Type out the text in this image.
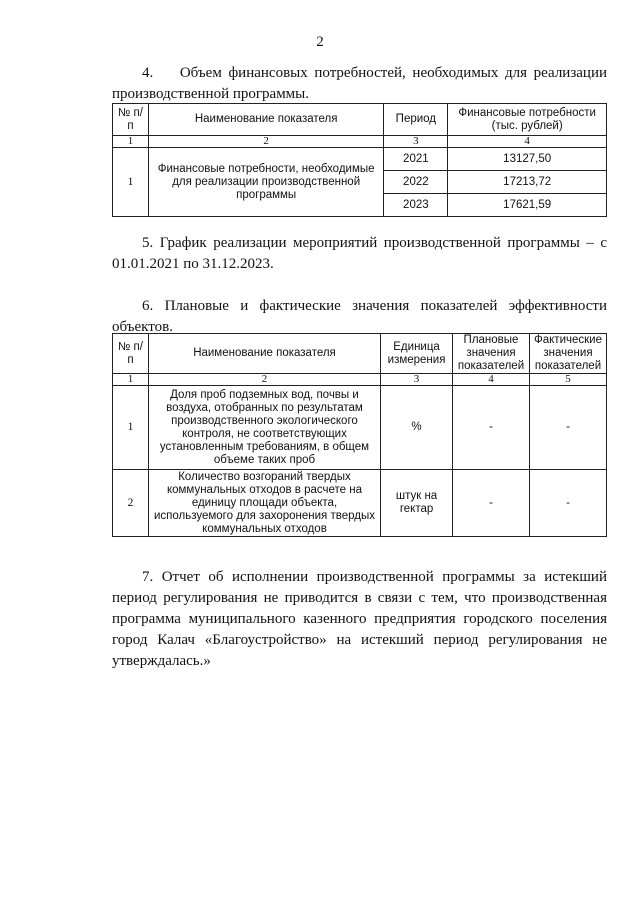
2
4.    Объем финансовых потребностей, необходимых для реализации производственной программы.
№ п/п	Наименование показателя	Период	Финансовые потребности (тыс. рублей)
1	2	3	4
1	Финансовые потребности, необходимые для реализации производственной программы	2021	13127,50
		2022	17213,72
		2023	17621,59
5. График реализации мероприятий производственной программы – с 01.01.2021 по 31.12.2023.
6. Плановые и фактические значения показателей эффективности объектов.
№ п/п	Наименование показателя	Единица измерения	Плановые значения показателей	Фактические значения показателей
1	2	3	4	5
1	Доля проб подземных вод, почвы и воздуха, отобранных по результатам производственного экологического контроля, не соответствующих установленным требованиям, в общем объеме таких проб	%	-	-
2	Количество возгораний твердых коммунальных отходов в расчете на единицу площади объекта, используемого для захоронения твердых коммунальных отходов	штук на гектар	-	-
7. Отчет об исполнении производственной программы за истекший период регулирования не приводится в связи с тем, что производственная программа муниципального казенного предприятия городского поселения город Калач «Благоустройство» на истекший период регулирования не утверждалась.»
